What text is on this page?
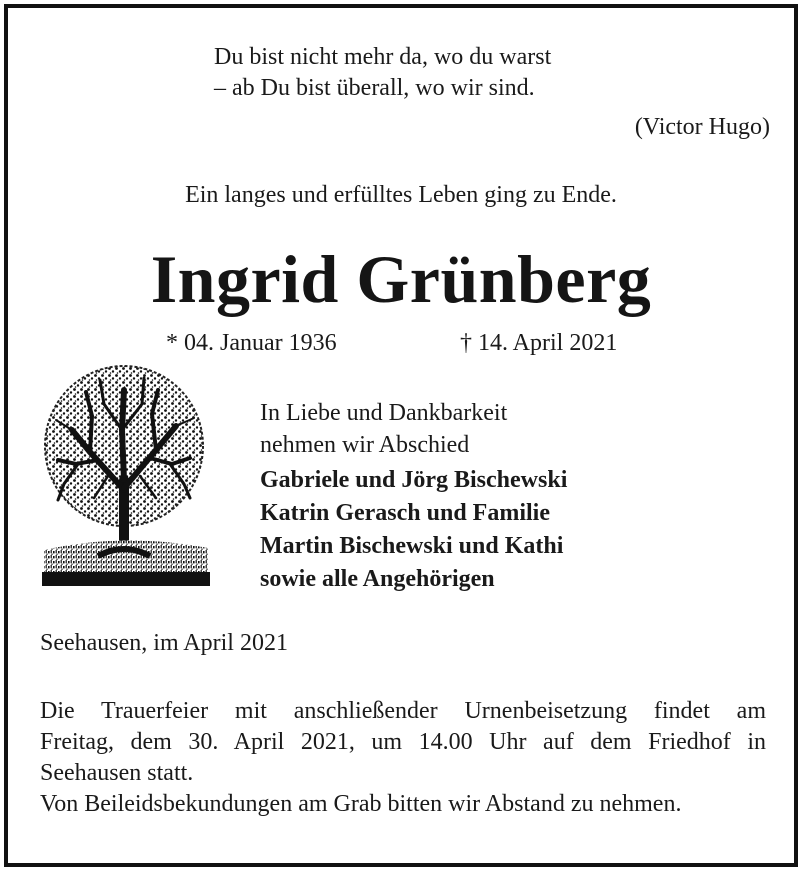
Du bist nicht mehr da, wo du warst
– ab Du bist überall, wo wir sind.
(Victor Hugo)
Ein langes und erfülltes Leben ging zu Ende.
Ingrid Grünberg
* 04. Januar 1936	† 14. April 2021
In Liebe und Dankbarkeit
nehmen wir Abschied
Gabriele und Jörg Bischewski
Katrin Gerasch und Familie
Martin Bischewski und Kathi
sowie alle Angehörigen
Seehausen, im April 2021
Die Trauerfeier mit anschließender Urnenbeisetzung findet am
Freitag, dem 30. April 2021, um 14.00 Uhr auf dem Friedhof in
Seehausen statt.
Von Beileidsbekundungen am Grab bitten wir Abstand zu nehmen.
